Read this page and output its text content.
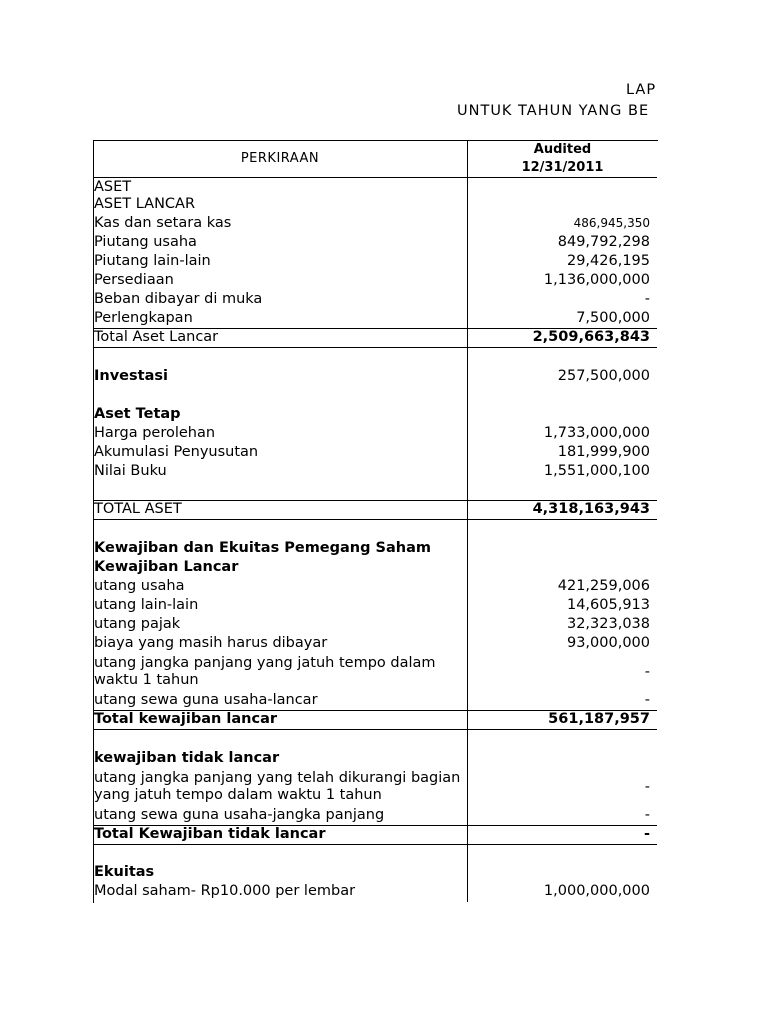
LAP
UNTUK TAHUN YANG BE
PERKIRAAN
Audited
12/31/2011
ASET
ASET LANCAR
Kas dan setara kas	486,945,350
Piutang usaha	849,792,298
Piutang lain-lain	29,426,195
Persediaan	1,136,000,000
Beban dibayar di muka	-
Perlengkapan	7,500,000
Total Aset Lancar	2,509,663,843
Investasi	257,500,000
Aset Tetap
Harga perolehan	1,733,000,000
Akumulasi Penyusutan	181,999,900
Nilai Buku	1,551,000,100
TOTAL ASET	4,318,163,943
Kewajiban dan Ekuitas Pemegang Saham
Kewajiban Lancar
utang usaha	421,259,006
utang lain-lain	14,605,913
utang pajak	32,323,038
biaya yang masih harus dibayar	93,000,000
utang jangka panjang yang jatuh tempo dalam waktu 1 tahun	-
utang sewa guna usaha-lancar	-
Total kewajiban lancar	561,187,957
kewajiban tidak lancar
utang jangka panjang yang telah dikurangi bagian yang jatuh tempo dalam waktu 1 tahun	-
utang sewa guna usaha-jangka panjang	-
Total Kewajiban tidak lancar	-
Ekuitas
Modal saham- Rp10.000 per lembar	1,000,000,000
